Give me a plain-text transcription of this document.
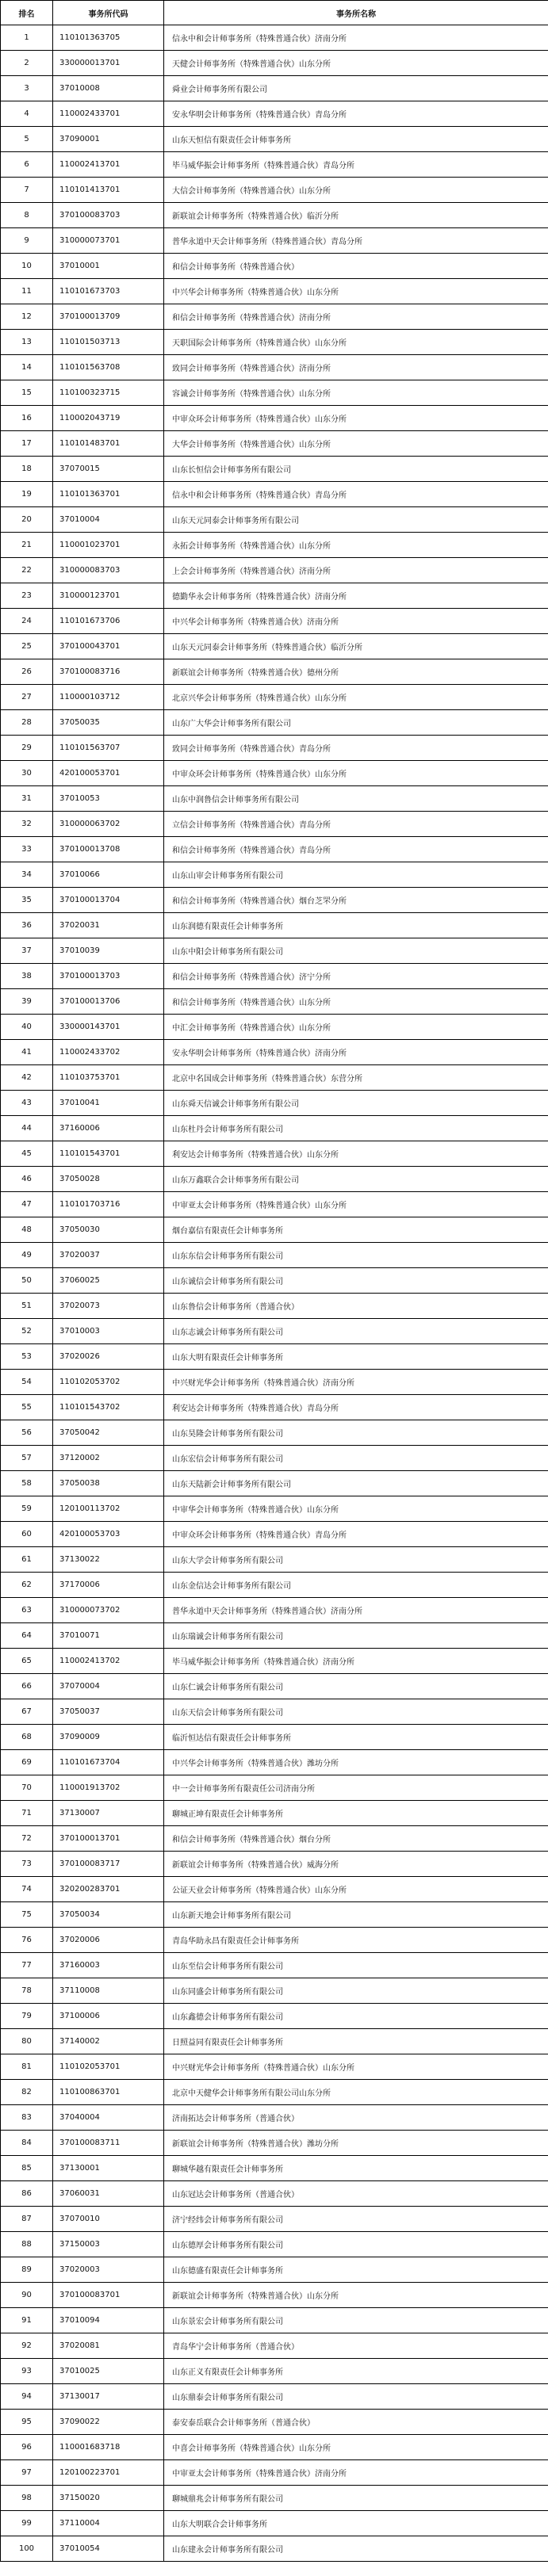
排名	事务所代码	事务所名称
1	110101363705	信永中和会计师事务所（特殊普通合伙）济南分所
2	330000013701	天健会计师事务所（特殊普通合伙）山东分所
3	37010008	舜业会计师事务所有限公司
4	110002433701	安永华明会计师事务所（特殊普通合伙）青岛分所
5	37090001	山东天恒信有限责任会计师事务所
6	110002413701	毕马威华振会计师事务所（特殊普通合伙）青岛分所
7	110101413701	大信会计师事务所（特殊普通合伙）山东分所
8	370100083703	新联谊会计师事务所（特殊普通合伙）临沂分所
9	310000073701	普华永道中天会计师事务所（特殊普通合伙）青岛分所
10	37010001	和信会计师事务所（特殊普通合伙）
11	110101673703	中兴华会计师事务所（特殊普通合伙）山东分所
12	370100013709	和信会计师事务所（特殊普通合伙）济南分所
13	110101503713	天职国际会计师事务所（特殊普通合伙）山东分所
14	110101563708	致同会计师事务所（特殊普通合伙）济南分所
15	110100323715	容诚会计师事务所（特殊普通合伙）山东分所
16	110002043719	中审众环会计师事务所（特殊普通合伙）山东分所
17	110101483701	大华会计师事务所（特殊普通合伙）山东分所
18	37070015	山东长恒信会计师事务所有限公司
19	110101363701	信永中和会计师事务所（特殊普通合伙）青岛分所
20	37010004	山东天元同泰会计师事务所有限公司
21	110001023701	永拓会计师事务所（特殊普通合伙）山东分所
22	310000083703	上会会计师事务所（特殊普通合伙）济南分所
23	310000123701	德勤华永会计师事务所（特殊普通合伙）济南分所
24	110101673706	中兴华会计师事务所（特殊普通合伙）济南分所
25	370100043701	山东天元同泰会计师事务所（特殊普通合伙）临沂分所
26	370100083716	新联谊会计师事务所（特殊普通合伙）德州分所
27	110000103712	北京兴华会计师事务所（特殊普通合伙）山东分所
28	37050035	山东广大华会计师事务所有限公司
29	110101563707	致同会计师事务所（特殊普通合伙）青岛分所
30	420100053701	中审众环会计师事务所（特殊普通合伙）山东分所
31	37010053	山东中润鲁信会计师事务所有限公司
32	310000063702	立信会计师事务所（特殊普通合伙）青岛分所
33	370100013708	和信会计师事务所（特殊普通合伙）青岛分所
34	37010066	山东山审会计师事务所有限公司
35	370100013704	和信会计师事务所（特殊普通合伙）烟台芝罘分所
36	37020031	山东润德有限责任会计师事务所
37	37010039	山东中阳会计师事务所有限公司
38	370100013703	和信会计师事务所（特殊普通合伙）济宁分所
39	370100013706	和信会计师事务所（特殊普通合伙）山东分所
40	330000143701	中汇会计师事务所（特殊普通合伙）山东分所
41	110002433702	安永华明会计师事务所（特殊普通合伙）济南分所
42	110103753701	北京中名国成会计师事务所（特殊普通合伙）东营分所
43	37010041	山东舜天信诚会计师事务所有限公司
44	37160006	山东杜丹会计师事务所有限公司
45	110101543701	利安达会计师事务所（特殊普通合伙）山东分所
46	37050028	山东万鑫联合会计师事务所有限公司
47	110101703716	中审亚太会计师事务所（特殊普通合伙）山东分所
48	37050030	烟台嘉信有限责任会计师事务所
49	37020037	山东东信会计师事务所有限公司
50	37060025	山东诚信会计师事务所有限公司
51	37020073	山东鲁信会计师事务所（普通合伙）
52	37010003	山东志诚会计师事务所有限公司
53	37020026	山东大明有限责任会计师事务所
54	110102053702	中兴财光华会计师事务所（特殊普通合伙）济南分所
55	110101543702	利安达会计师事务所（特殊普通合伙）青岛分所
56	37050042	山东昊隆会计师事务所有限公司
57	37120002	山东宏信会计师事务所有限公司
58	37050038	山东天陆新会计师事务所有限公司
59	120100113702	中审华会计师事务所（特殊普通合伙）山东分所
60	420100053703	中审众环会计师事务所（特殊普通合伙）青岛分所
61	37130022	山东大学会计师事务所有限公司
62	37170006	山东金信达会计师事务所有限公司
63	310000073702	普华永道中天会计师事务所（特殊普通合伙）济南分所
64	37010071	山东瑞诚会计师事务所有限公司
65	110002413702	毕马威华振会计师事务所（特殊普通合伙）济南分所
66	37070004	山东仁诚会计师事务所有限公司
67	37050037	山东天信会计师事务所有限公司
68	37090009	临沂恒达信有限责任会计师事务所
69	110101673704	中兴华会计师事务所（特殊普通合伙）潍坊分所
70	110001913702	中一会计师事务所有限责任公司济南分所
71	37130007	聊城正坤有限责任会计师事务所
72	370100013701	和信会计师事务所（特殊普通合伙）烟台分所
73	370100083717	新联谊会计师事务所（特殊普通合伙）威海分所
74	320200283701	公证天业会计师事务所（特殊普通合伙）山东分所
75	37050034	山东新天地会计师事务所有限公司
76	37020006	青岛华助永昌有限责任会计师事务所
77	37160003	山东至信会计师事务所有限公司
78	37110008	山东同盛会计师事务所有限公司
79	37100006	山东鑫德会计师事务所有限公司
80	37140002	日照益同有限责任会计师事务所
81	110102053701	中兴财光华会计师事务所（特殊普通合伙）山东分所
82	110100863701	北京中天健华会计师事务所有限公司山东分所
83	37040004	济南拓达会计师事务所（普通合伙）
84	370100083711	新联谊会计师事务所（特殊普通合伙）潍坊分所
85	37130001	聊城华越有限责任会计师事务所
86	37060031	山东冠达会计师事务所（普通合伙）
87	37070010	济宁经纬会计师事务所有限公司
88	37150003	山东德厚会计师事务所有限公司
89	37020003	山东德盛有限责任会计师事务所
90	370100083701	新联谊会计师事务所（特殊普通合伙）山东分所
91	37010094	山东景宏会计师事务所有限公司
92	37020081	青岛华宁会计师事务所（普通合伙）
93	37010025	山东正义有限责任会计师事务所
94	37130017	山东鼎泰会计师事务所有限公司
95	37090022	泰安泰岳联合会计师事务所（普通合伙）
96	110001683718	中喜会计师事务所（特殊普通合伙）山东分所
97	120100223701	中审亚太会计师事务所（特殊普通合伙）济南分所
98	37150020	聊城鼎兆会计师事务所有限公司
99	37110004	山东大明联合会计师事务所
100	37010054	山东建永会计师事务所有限公司
